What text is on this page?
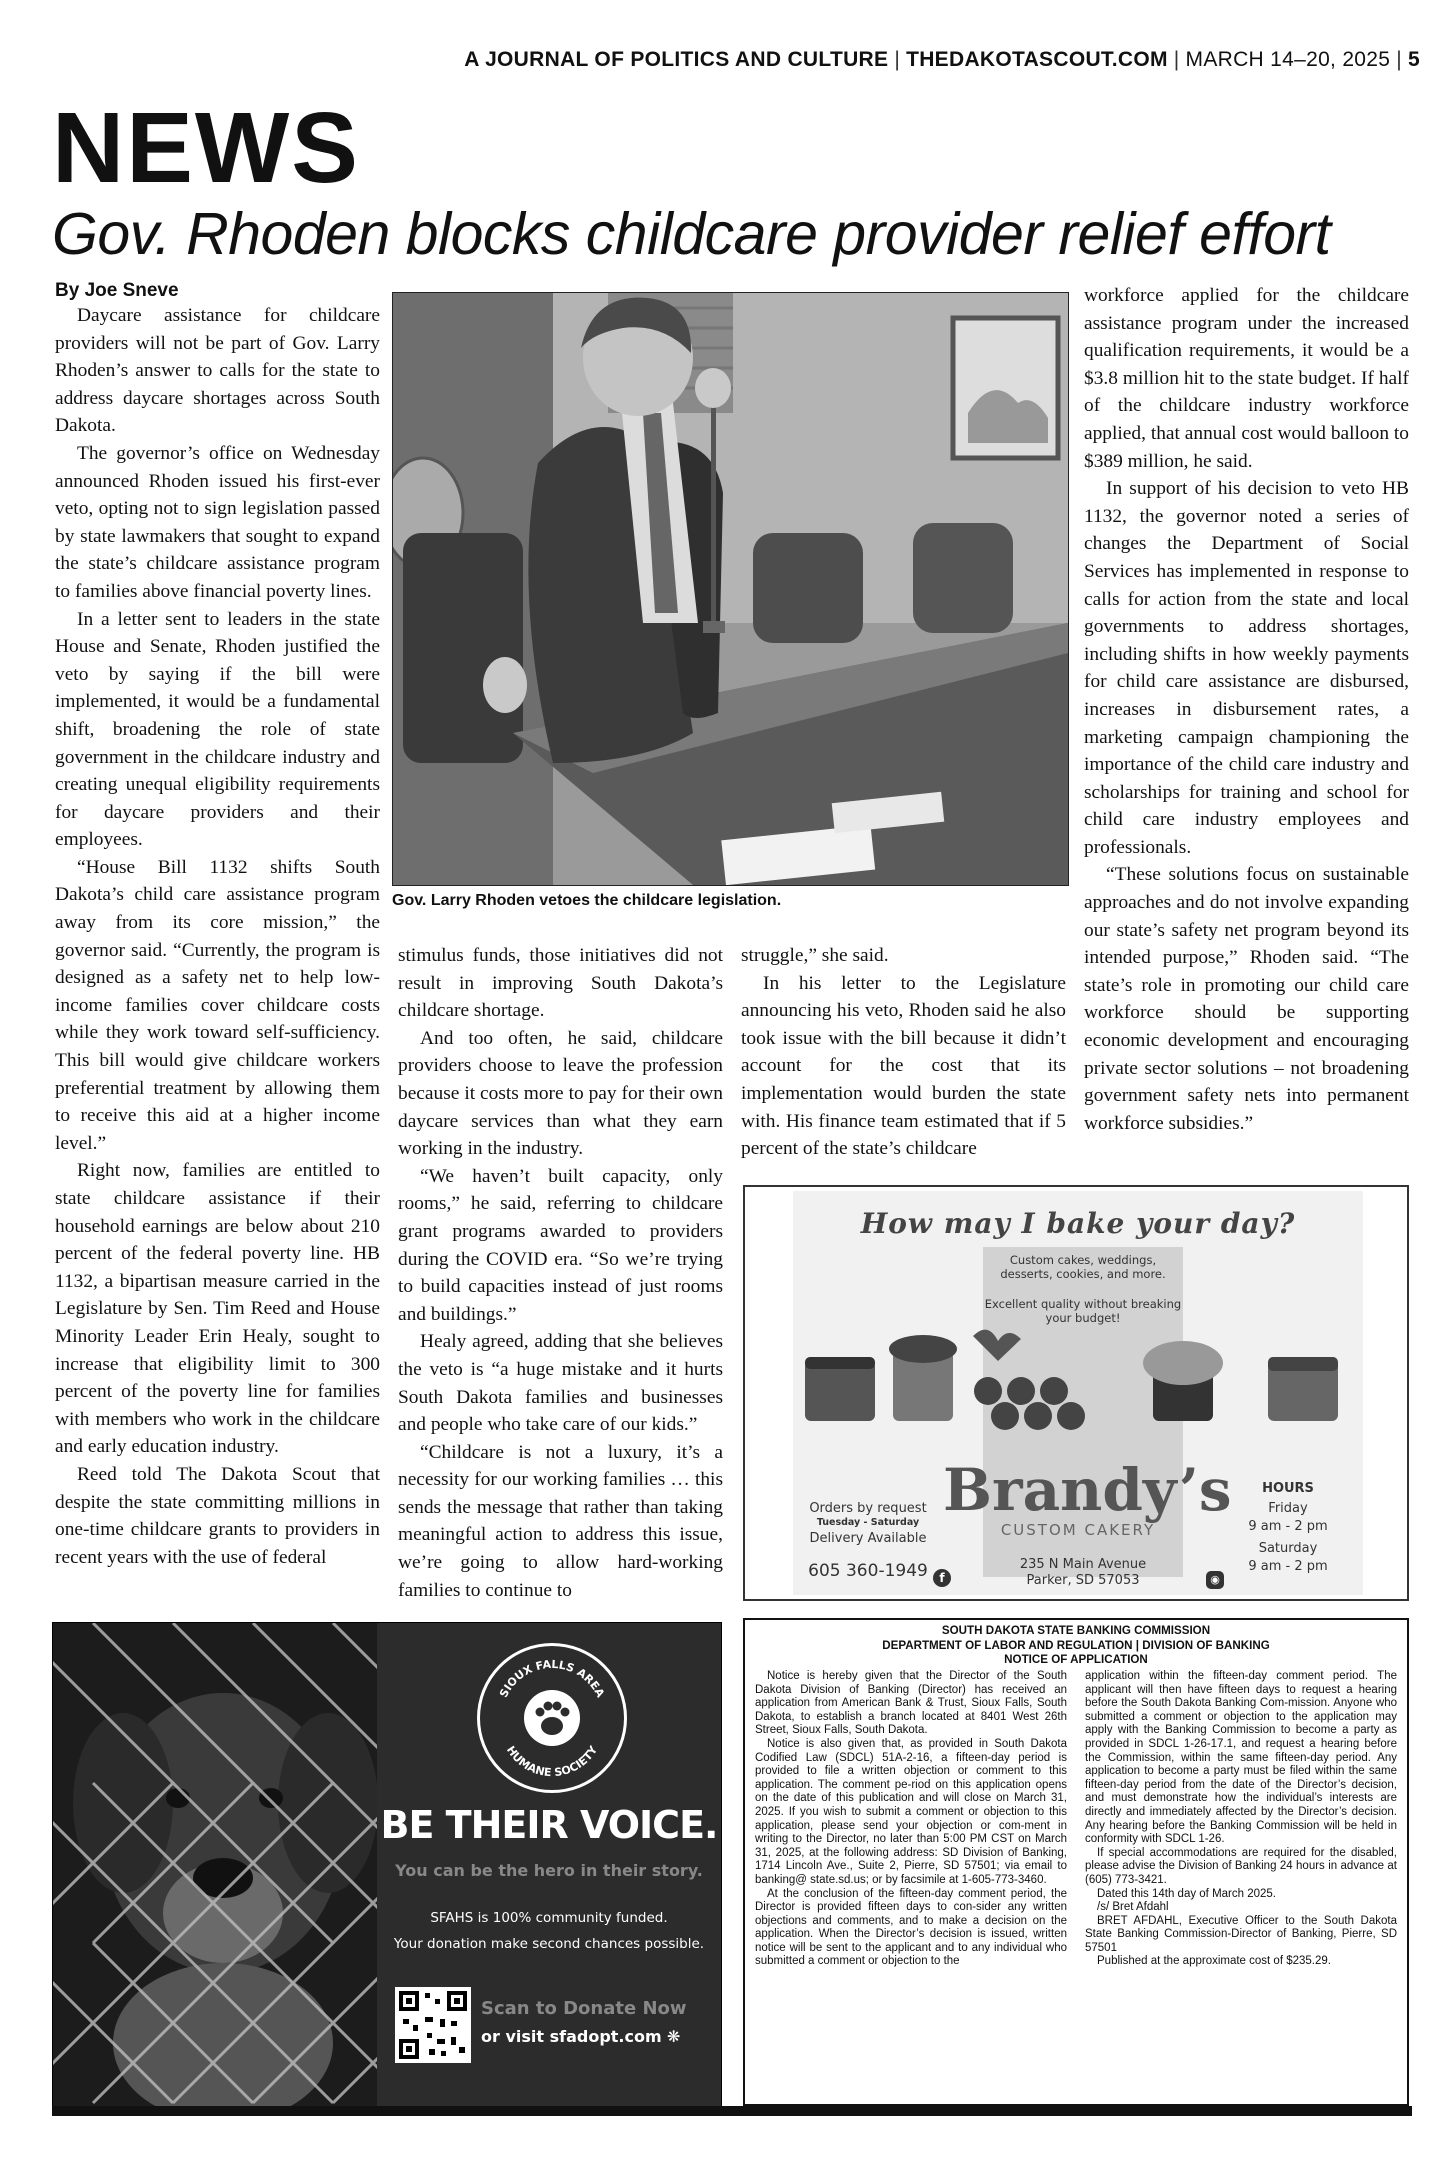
A JOURNAL OF POLITICS AND CULTURE | THEDAKOTASCOUT.COM | MARCH 14–20, 2025 | 5
NEWS
Gov. Rhoden blocks childcare provider relief effort
By Joe Sneve

Daycare assistance for childcare providers will not be part of Gov. Larry Rhoden’s answer to calls for the state to address daycare shortages across South Dakota.

The governor’s office on Wednesday announced Rhoden issued his first-ever veto, opting not to sign legislation passed by state lawmakers that sought to expand the state’s childcare assistance program to families above financial poverty lines.

In a letter sent to leaders in the state House and Senate, Rhoden justified the veto by saying if the bill were implemented, it would be a fundamental shift, broadening the role of state government in the childcare industry and creating unequal eligibility requirements for daycare providers and their employees.

“House Bill 1132 shifts South Dakota’s child care assistance program away from its core mission,” the governor said. “Currently, the program is designed as a safety net to help low-income families cover childcare costs while they work toward self-sufficiency. This bill would give childcare workers preferential treatment by allowing them to receive this aid at a higher income level.”

Right now, families are entitled to state childcare assistance if their household earnings are below about 210 percent of the federal poverty line. HB 1132, a bipartisan measure carried in the Legislature by Sen. Tim Reed and House Minority Leader Erin Healy, sought to increase that eligibility limit to 300 percent of the poverty line for families with members who work in the childcare and early education industry.

Reed told The Dakota Scout that despite the state committing millions in one-time childcare grants to providers in recent years with the use of federal

Gov. Larry Rhoden vetoes the childcare legislation.

stimulus funds, those initiatives did not result in improving South Dakota’s childcare shortage.

And too often, he said, childcare providers choose to leave the profession because it costs more to pay for their own daycare services than what they earn working in the industry.

“We haven’t built capacity, only rooms,” he said, referring to childcare grant programs awarded to providers during the COVID era. “So we’re trying to build capacities instead of just rooms and buildings.”

Healy agreed, adding that she believes the veto is “a huge mistake and it hurts South Dakota families and businesses and people who take care of our kids.”

“Childcare is not a luxury, it’s a necessity for our working families … this sends the message that rather than taking meaningful action to address this issue, we’re going to allow hard-working families to continue to

struggle,” she said.

In his letter to the Legislature announcing his veto, Rhoden said he also took issue with the bill because it didn’t account for the cost that its implementation would burden the state with. His finance team estimated that if 5 percent of the state’s childcare

workforce applied for the childcare assistance program under the increased qualification requirements, it would be a $3.8 million hit to the state budget. If half of the childcare industry workforce applied, that annual cost would balloon to $389 million, he said.

In support of his decision to veto HB 1132, the governor noted a series of changes the Department of Social Services has implemented in response to calls for action from the state and local governments to address shortages, including shifts in how weekly payments for child care assistance are disbursed, increases in disbursement rates, a marketing campaign championing the importance of the child care industry and scholarships for training and school for child care industry employees and professionals.

“These solutions focus on sustainable approaches and do not involve expanding our state’s safety net program beyond its intended purpose,” Rhoden said. “The state’s role in promoting our child care workforce should be supporting economic development and encouraging private sector solutions – not broadening government safety nets into permanent workforce subsidies.”

How may I bake your day?
Custom cakes, weddings, desserts, cookies, and more.
Excellent quality without breaking your budget!
Brandy’s
CUSTOM CAKERY
Orders by request
Tuesday - Saturday
Delivery Available
605 360-1949 f
235 N Main Avenue
Parker, SD 57053	◉
HOURS
Friday
9 am - 2 pm
Saturday
9 am - 2 pm
SIOUX FALLS AREA
HUMANE SOCIETY
BE THEIR VOICE.
You can be the hero in their story.
SFAHS is 100% community funded.
Your donation make second chances possible.
Scan to Donate Now
or visit sfadopt.com ❋
SOUTH DAKOTA STATE BANKING COMMISSION
DEPARTMENT OF LABOR AND REGULATION | DIVISION OF BANKING
NOTICE OF APPLICATION

Notice is hereby given that the Director of the South Dakota Division of Banking (Director) has received an application from American Bank & Trust, Sioux Falls, South Dakota, to establish a branch located at 8401 West 26th Street, Sioux Falls, South Dakota.

Notice is also given that, as provided in South Dakota Codified Law (SDCL) 51A-2-16, a fifteen-day period is provided to file a written objection or comment to this application. The comment pe-riod on this application opens on the date of this publication and will close on March 31, 2025. If you wish to submit a comment or objection to this application, please send your objection or com-ment in writing to the Director, no later than 5:00 PM CST on March 31, 2025, at the following address: SD Division of Banking, 1714 Lincoln Ave., Suite 2, Pierre, SD 57501; via email to banking@ state.sd.us; or by facsimile at 1-605-773-3460.

At the conclusion of the fifteen-day comment period, the Director is provided fifteen days to con-sider any written objections and comments, and to make a decision on the application. When the Director’s decision is issued, written notice will be sent to the applicant and to any individual who submitted a comment or objection to the

application within the fifteen-day comment period. The applicant will then have fifteen days to request a hearing before the South Dakota Banking Com-mission. Anyone who submitted a comment or objection to the application may apply with the Banking Commission to become a party as provided in SDCL 1-26-17.1, and request a hearing before the Commission, within the same fifteen-day period. Any application to become a party must be filed within the same fifteen-day period from the date of the Director’s decision, and must demonstrate how the individual’s interests are directly and immediately affected by the Director’s decision. Any hearing before the Banking Commission will be held in conformity with SDCL 1-26.

If special accommodations are required for the disabled, please advise the Division of Banking 24 hours in advance at (605) 773-3421.

Dated this 14th day of March 2025.

/s/ Bret Afdahl

BRET AFDAHL, Executive Officer to the South Dakota State Banking Commission-Director of Banking, Pierre, SD 57501

Published at the approximate cost of $235.29.
